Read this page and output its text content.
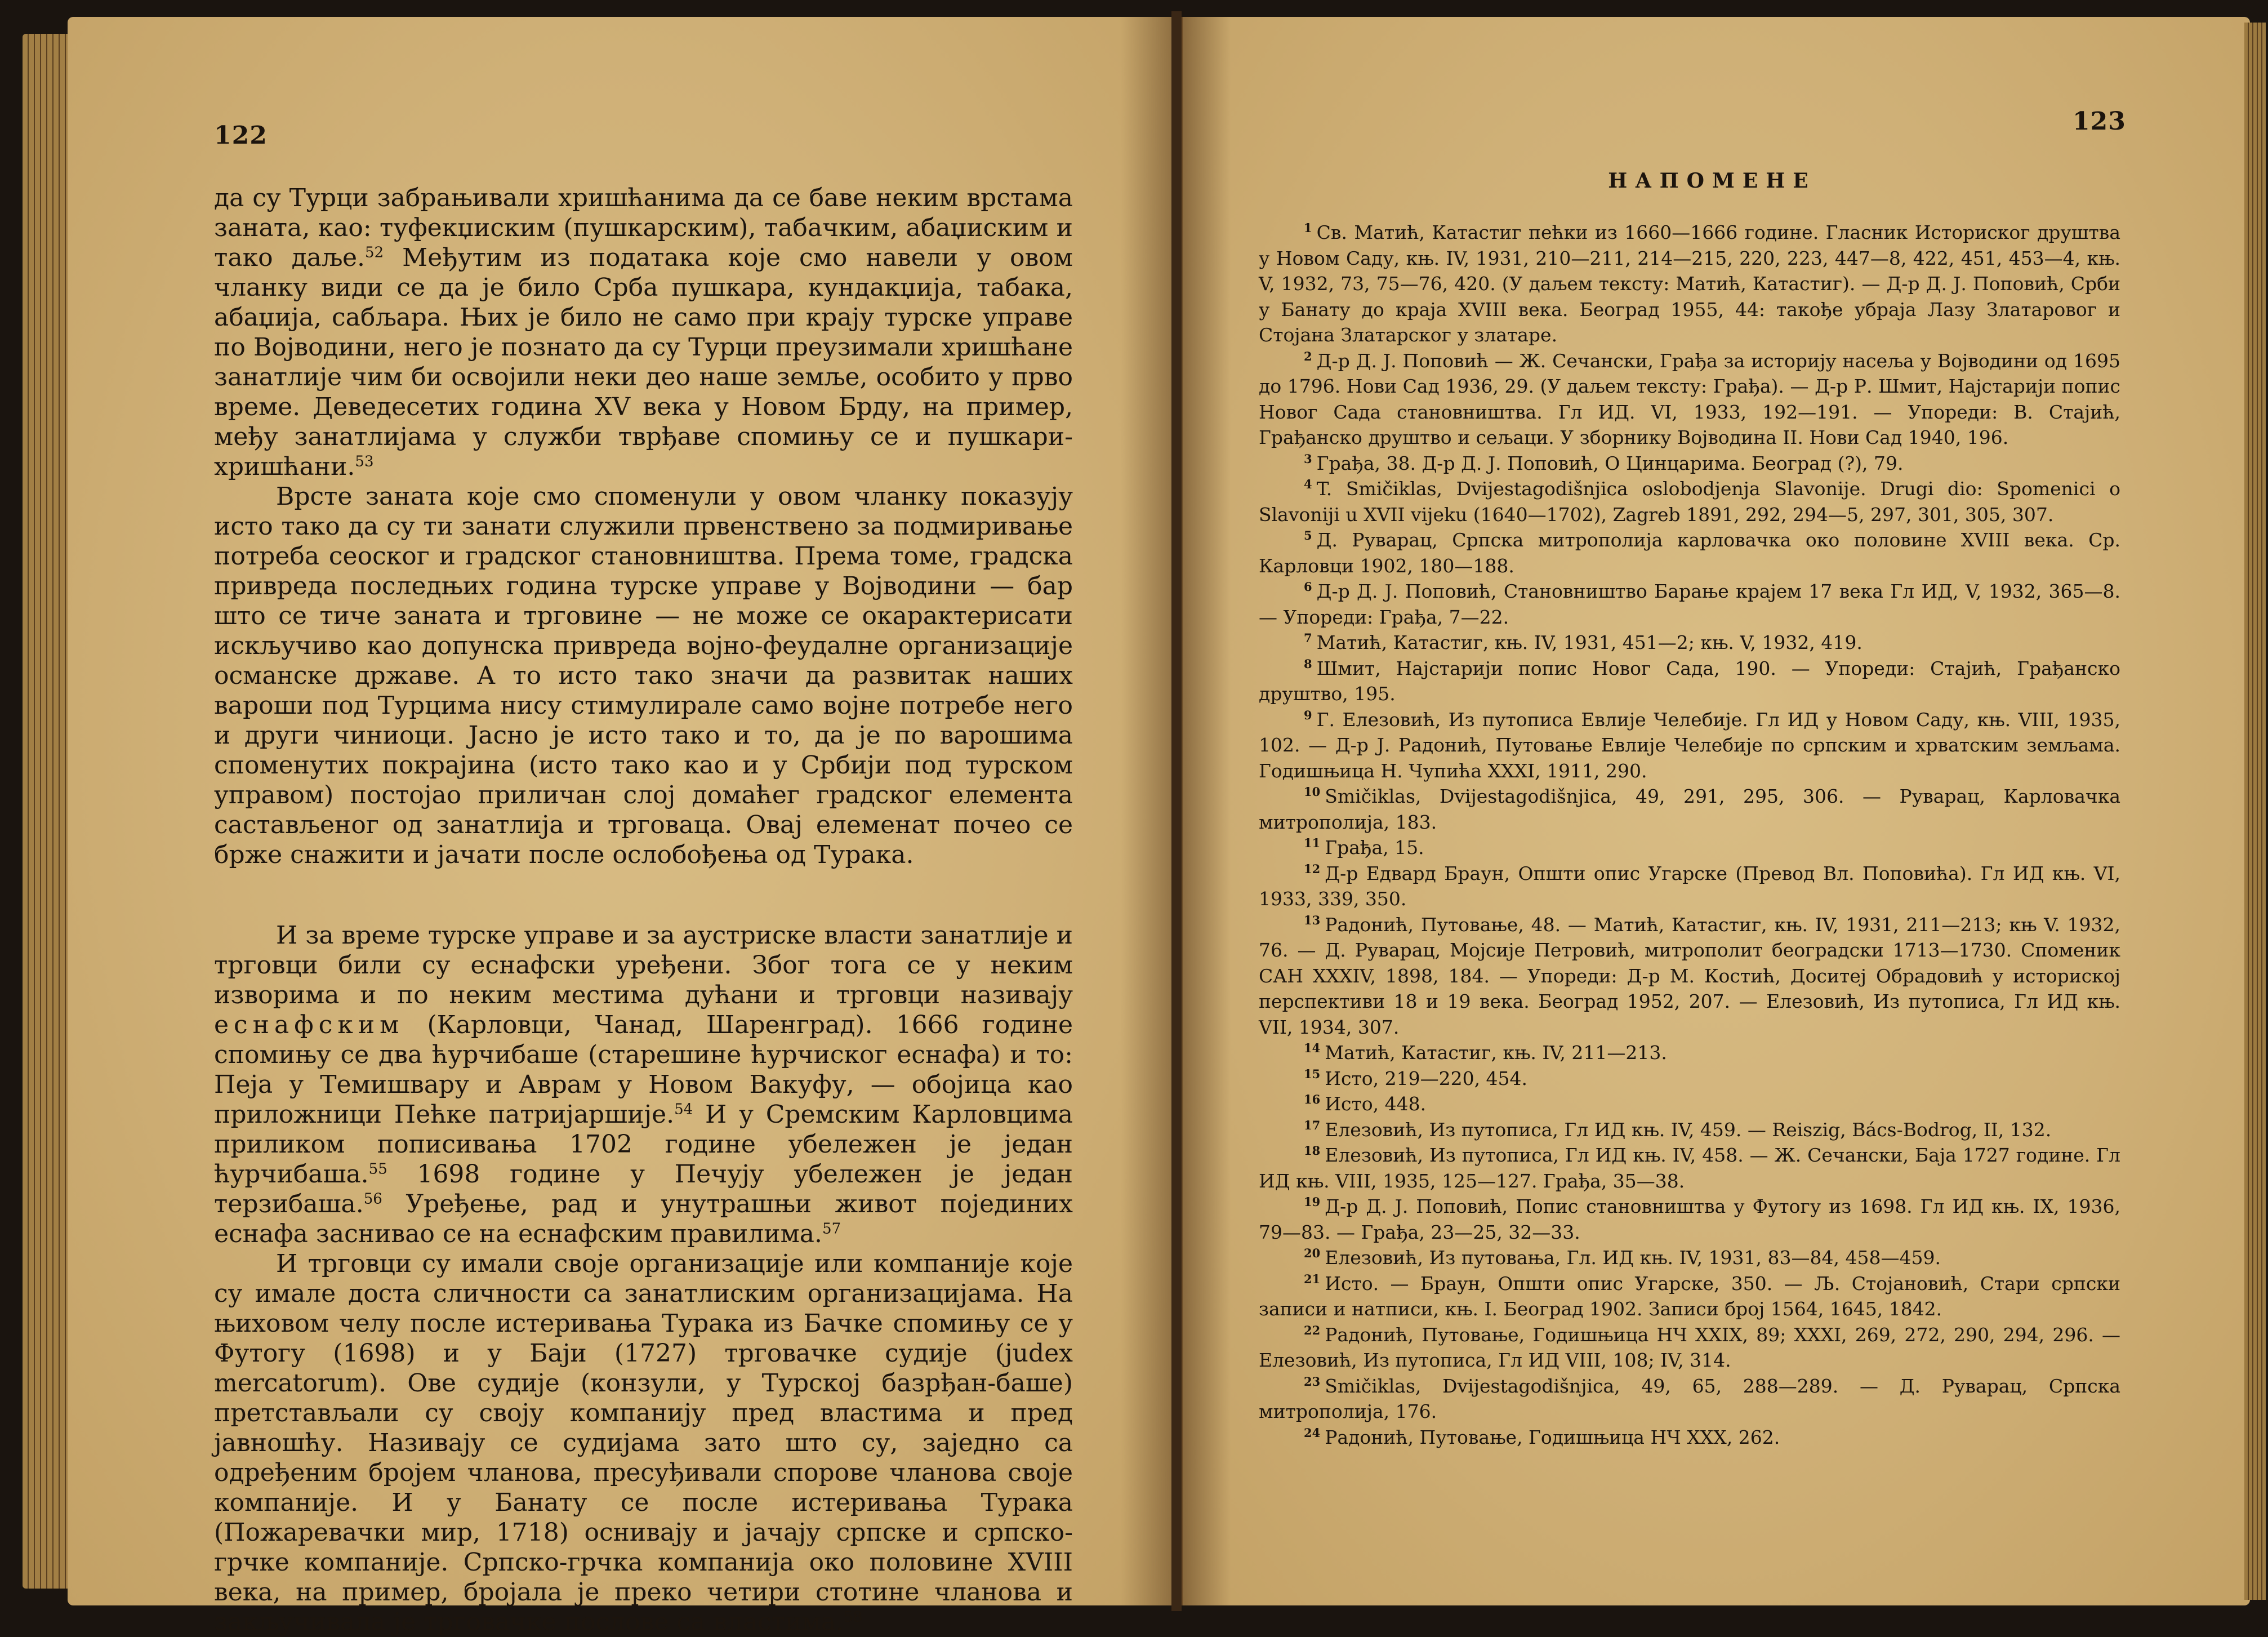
122	123

да су Турци забрањивали хришћанима да се баве неким врстама заната, као: туфекџиским (пушкарским), табачким, абаџиским и тако даље.$^{52}$ Међутим из података које смо навели у овом чланку види се да је било Срба пушкара, кундакџија, табака, абаџија, сабљара. Њих је било не само при крају турске управе по Војводини, него је познато да су Турци преузимали хришћане занатлије чим би освојили неки део наше земље, особито у прво време. Деведесетих година XV века у Новом Брду, на пример, међу занатлијама у служби тврђаве спомињу се и пушкари-хришћани.$^{53}$

Врсте заната које смо споменули у овом чланку показују исто тако да су ти занати служили првенствено за подмиривање потреба сеоског и градског становништва. Према томе, градска привреда последњих година турске управе у Војводини — бар што се тиче заната и трговине — не може се окарактерисати искључиво као допунска привреда војно-феудалне организације османске државе. А то исто тако значи да развитак наших вароши под Турцима нису стимулирале само војне потребе него и други чиниоци. Јасно је исто тако и то, да је по варошима споменутих покрајина (исто тако као и у Србији под турском управом) постојао приличан слој домаћег градског елемента састављеног од занатлија и трговаца. Овај елеменат почео се брже снажити и јачати после ослобођења од Турака.

И за време турске управе и за аустриске власти занатлије и трговци били су еснафски уређени. Због тога се у неким изворима и по неким местима дућани и трговци називају еснафским (Карловци, Чанад, Шаренград). 1666 године спомињу се два ћурчибаше (старешине ћурчиског еснафа) и то: Пеја у Темишвару и Аврам у Новом Вакуфу, — обојица као приложници Пећке патријаршије.$^{54}$ И у Сремским Карловцима приликом пописивања 1702 године убележен је један ћурчибаша.$^{55}$ 1698 године у Печују убележен је један терзибаша.$^{56}$ Уређење, рад и унутрашњи живот појединих еснафа заснивао се на еснафским правилима.$^{57}$

И трговци су имали своје организације или компаније које су имале доста сличности са занатлиским организацијама. На њиховом челу после истеривања Турака из Бачке спомињу се у Футогу (1698) и у Баји (1727) трговачке судије (judex mercatorum). Ове судије (конзули, у Турској базрђан-баше) претстављали су своју компанију пред властима и пред јавношћу. Називају се судијама зато што су, заједно са одређеним бројем чланова, пресуђивали спорове чланова своје компаније. И у Банату се после истеривања Турака (Пожаревачки мир, 1718) оснивају и јачају српске и српско-грчке компаније. Српско-грчка компанија око половине XVIII века, на пример, бројала је преко четири стотине чланова и закључивала је трговачке послове са властима.$^{58}$

НАПОМЕНЕ

$^1$ Св. Матић, Катастиг пећки из 1660—1666 године. Гласник Историског друштва у Новом Саду, књ. IV, 1931, 210—211, 214—215, 220, 223, 447—8, 422, 451, 453—4, књ. V, 1932, 73, 75—76, 420. (У даљем тексту: Матић, Катастиг). — Д-р Д. Ј. Поповић, Срби у Банату до краја XVIII века. Београд 1955, 44: такође убраја Лазу Златаровог и Стојана Златарског у златаре.

$^2$ Д-р Д. Ј. Поповић — Ж. Сечански, Грађа за историју насеља у Војводини од 1695 до 1796. Нови Сад 1936, 29. (У даљем тексту: Грађа). — Д-р Р. Шмит, Најстарији попис Новог Сада становништва. Гл ИД. VI, 1933, 192—191. — Упореди: В. Стајић, Грађанско друштво и сељаци. У зборнику Војводина II. Нови Сад 1940, 196.

$^3$ Грађа, 38. Д-р Д. Ј. Поповић, О Цинцарима. Београд (?), 79.

$^4$ T. Smičiklas, Dvijestagodišnjica oslobodjenja Slavonije. Drugi dio: Spomenici o Slavoniji u XVII vijeku (1640—1702), Zagreb 1891, 292, 294—5, 297, 301, 305, 307.

$^5$ Д. Руварац, Српска митрополија карловачка око половине XVIII века. Ср. Карловци 1902, 180—188.

$^6$ Д-р Д. Ј. Поповић, Становништво Барање крајем 17 века Гл ИД, V, 1932, 365—8. — Упореди: Грађа, 7—22.

$^7$ Матић, Катастиг, књ. IV, 1931, 451—2; књ. V, 1932, 419.

$^8$ Шмит, Најстарији попис Новог Сада, 190. — Упореди: Стајић, Грађанско друштво, 195.

$^9$ Г. Елезовић, Из путописа Евлије Челебије. Гл ИД у Новом Саду, књ. VIII, 1935, 102. — Д-р Ј. Радонић, Путовање Евлије Челебије по српским и хрватским земљама. Годишњица Н. Чупића XXXI, 1911, 290.

$^{10}$ Smičiklas, Dvijestagodišnjica, 49, 291, 295, 306. — Руварац, Карловачка митрополија, 183.

$^{11}$ Грађа, 15.

$^{12}$ Д-р Едвард Браун, Општи опис Угарске (Превод Вл. Поповића). Гл ИД књ. VI, 1933, 339, 350.

$^{13}$ Радонић, Путовање, 48. — Матић, Катастиг, књ. IV, 1931, 211—213; књ V. 1932, 76. — Д. Руварац, Мојсије Петровић, митрополит београдски 1713—1730. Споменик САН XXXIV, 1898, 184. — Упореди: Д-р М. Костић, Доситеј Обрадовић у историској перспективи 18 и 19 века. Београд 1952, 207. — Елезовић, Из путописа, Гл ИД књ. VII, 1934, 307.

$^{14}$ Матић, Катастиг, књ. IV, 211—213.

$^{15}$ Исто, 219—220, 454.

$^{16}$ Исто, 448.

$^{17}$ Елезовић, Из путописа, Гл ИД књ. IV, 459. — Reiszig, Bács-Bodrog, II, 132.

$^{18}$ Елезовић, Из путописа, Гл ИД књ. IV, 458. — Ж. Сечански, Баја 1727 године. Гл ИД књ. VIII, 1935, 125—127. Грађа, 35—38.

$^{19}$ Д-р Д. Ј. Поповић, Попис становништва у Футогу из 1698. Гл ИД књ. IX, 1936, 79—83. — Грађа, 23—25, 32—33.

$^{20}$ Елезовић, Из путовања, Гл. ИД књ. IV, 1931, 83—84, 458—459.

$^{21}$ Исто. — Браун, Општи опис Угарске, 350. — Љ. Стојановић, Стари српски записи и натписи, књ. I. Београд 1902. Записи број 1564, 1645, 1842.

$^{22}$ Радонић, Путовање, Годишњица НЧ XXIX, 89; XXXI, 269, 272, 290, 294, 296. — Елезовић, Из путописа, Гл ИД VIII, 108; IV, 314.

$^{23}$ Smičiklas, Dvijestagodišnjica, 49, 65, 288—289. — Д. Руварац, Српска митрополија, 176.

$^{24}$ Радонић, Путовање, Годишњица НЧ XXX, 262.
